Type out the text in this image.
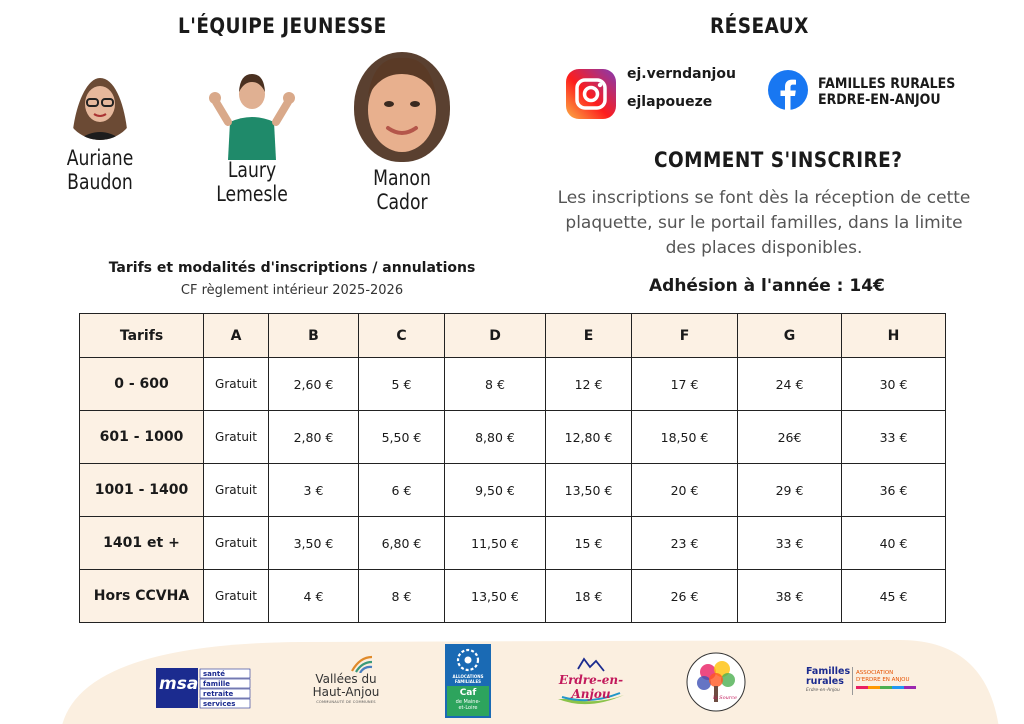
L'ÉQUIPE JEUNESSE
Auriane
Baudon	Laury
Lemesle
Manon
Cador
RÉSEAUX
ej.verndanjou
ejlapoueze
FAMILLES RURALES
ERDRE-EN-ANJOU
COMMENT S'INSCRIRE?
Les inscriptions se font dès la réception de cette plaquette, sur le portail familles, dans la limite des places disponibles.
Adhésion à l'année : 14€
Tarifs et modalités d'inscriptions / annulations
CF règlement intérieur 2025-2026
Tarifs	A	B	C	D	E	F	G	H
0 - 600	Gratuit	2,60 €	5 €	8 €	12 €	17 €	24 €	30 €
601 - 1000	Gratuit	2,80 €	5,50 €	8,80 €	12,80 €	18,50 €	26€	33 €
1001 - 1400	Gratuit	3 €	6 €	9,50 €	13,50 €	20 €	29 €	36 €
1401 et +	Gratuit	3,50 €	6,80 €	11,50 €	15 €	23 €	33 €	40 €
Hors CCVHA	Gratuit	4 €	8 €	13,50 €	18 €	26 €	38 €	45 €
msa santé
famille
retraite
services
Vallées du
Haut-Anjou
COMMUNAUTÉ DE COMMUNES
ALLOCATIONS
FAMILIALES
Caf
de Maine-
et-Loire
Erdre-en-Anjou	la Source
Familles
rurales
Erdre-en-Anjou
ASSOCIATION
D'ERDRE EN ANJOU
